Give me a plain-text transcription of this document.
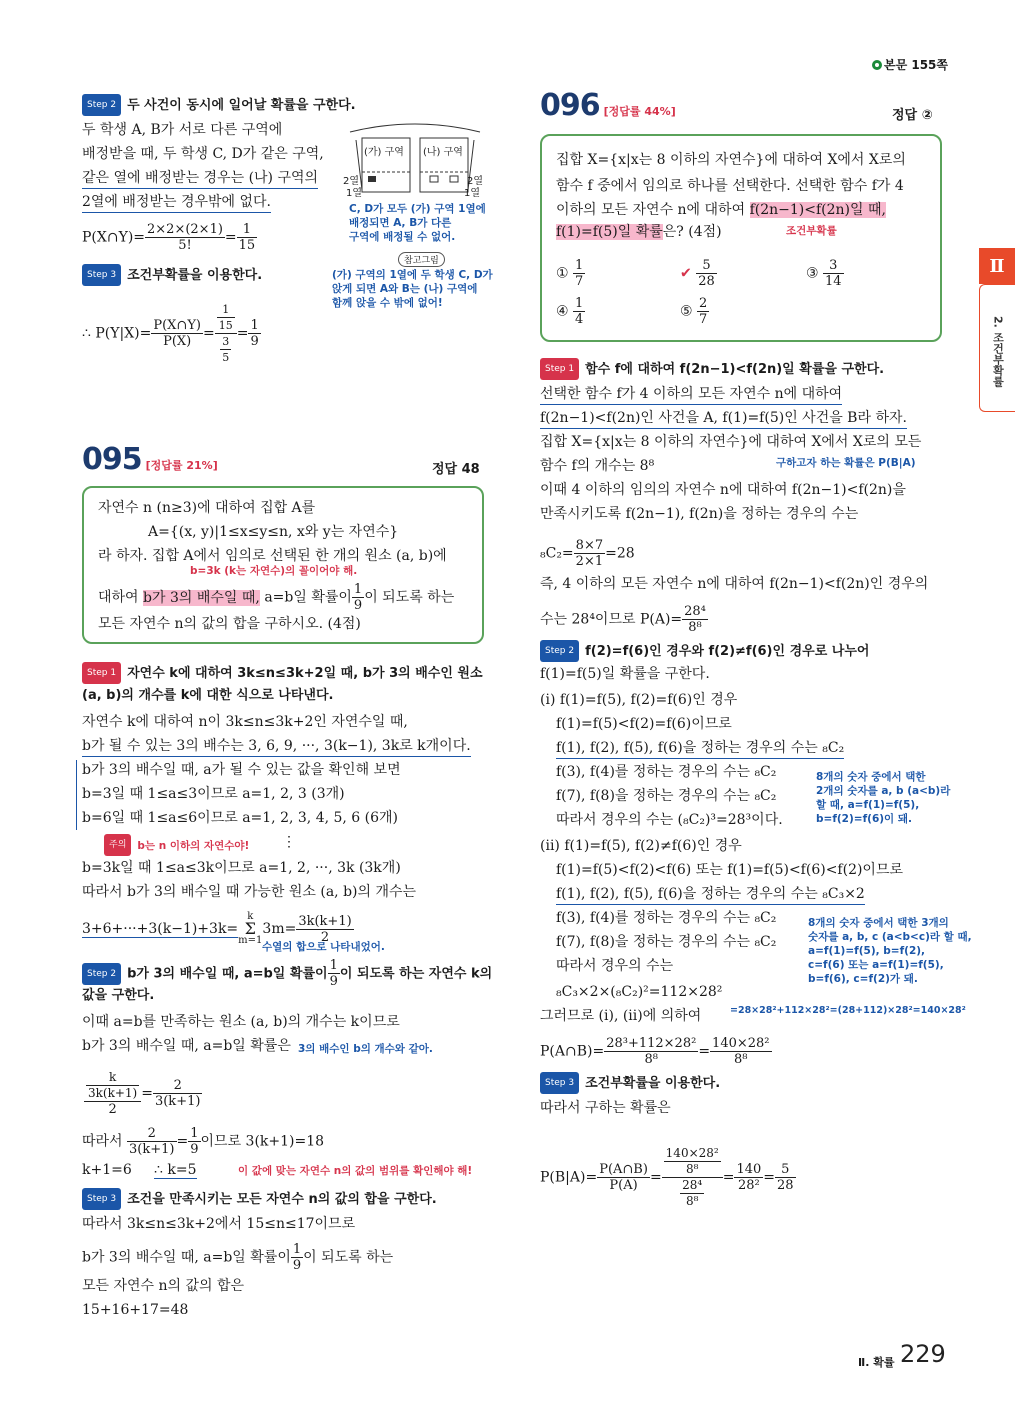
본문 155쪽
Ⅱ
2. 조건부확률
Step 2 두 사건이 동시에 일어날 확률을 구한다.
두 학생 A, B가 서로 다른 구역에
배정받을 때, 두 학생 C, D가 같은 구역,
같은 열에 배정받는 경우는 (나) 구역의
2열에 배정받는 경우밖에 없다.
P(X∩Y)= $\frac{2\times 2\times(2\times 1)}{5!} = \frac{1}{15}$
(가) 구역 (나) 구역
2열
1열
2열
1열
C, D가 모두 (가) 구역 1열에
배정되면 A, B가 다른
구역에 배정될 수 없어.
참고그림
(가) 구역의 1열에 두 학생 C, D가
앉게 되면 A와 B는 (나) 구역에
함께 앉을 수 밖에 없어!
Step 3 조건부확률을 이용한다.
∴ $P(Y|X)= \frac{P(X\cap Y)}{P(X)} = \frac{\frac{1}{15}}{\frac{3}{5}} = \frac{1}{9}$
095 [정답률 21%]	정답 48
자연수 n (n≥3)에 대하여 집합 A를
A={(x, y)|1≤x≤y≤n, x와 y는 자연수}
라 하자. 집합 A에서 임의로 선택된 한 개의 원소 (a, b)에
b=3k (k는 자연수)의 꼴이어야 해.
대하여 b가 3의 배수일 때, a=b일 확률이 $\frac{1}{9}$ 이 되도록 하는
모든 자연수 n의 값의 합을 구하시오. (4점)
Step 1 자연수 k에 대하여 3k≤n≤3k+2일 때, b가 3의 배수인 원소
(a, b)의 개수를 k에 대한 식으로 나타낸다.
자연수 k에 대하여 n이 3k≤n≤3k+2인 자연수일 때,
b가 될 수 있는 3의 배수는 3, 6, 9, ···, 3(k−1), 3k로 k개이다.
b가 3의 배수일 때, a가 될 수 있는 값을 확인해 보면
b=3일 때 1≤a≤3이므로 a=1, 2, 3 (3개)
b=6일 때 1≤a≤6이므로 a=1, 2, 3, 4, 5, 6 (6개)
주의 b는 n 이하의 자연수야! ⋮
b=3k일 때 1≤a≤3k이므로 a=1, 2, ···, 3k (3k개)
따라서 b가 3의 배수일 때 가능한 원소 (a, b)의 개수는
3+6+···+3(k−1)+3k=
k
Σ
m=1
$3m= \frac{3k(k+1)}{2}$
수열의 합으로 나타내었어.
Step 2 b가 3의 배수일 때, a=b일 확률이 $\frac{1}{9}$ 이 되도록 하는 자연수 k의
값을 구한다.
이때 a=b를 만족하는 원소 (a, b)의 개수는 k이므로
b가 3의 배수일 때, a=b일 확률은 3의 배수인 b의 개수와 같아.
$\frac{\frac{k}{3k(k+1)}}{2} = \frac{2}{3(k+1)}$
따라서 $\frac{2}{3(k+1)} = \frac{1}{9}$ 이므로 3(k+1)=18
k+1=6 ∴ k=5	이 값에 맞는 자연수 n의 값의 범위를 확인해야 해!
Step 3 조건을 만족시키는 모든 자연수 n의 값의 합을 구한다.
따라서 3k≤n≤3k+2에서 15≤n≤17이므로
b가 3의 배수일 때, a=b일 확률이 $\frac{1}{9}$ 이 되도록 하는
모든 자연수 n의 값의 합은
15+16+17=48
096 [정답률 44%]	정답 ②
집합 X={x|x는 8 이하의 자연수}에 대하여 X에서 X로의
함수 f 중에서 임의로 하나를 선택한다. 선택한 함수 f가 4
이하의 모든 자연수 n에 대하여 f(2n−1)<f(2n)일 때,
f(1)=f(5)일 확률은? (4점)	조건부확률
① $\frac{1}{7}$	✔ $\frac{5}{28}$	③ $\frac{3}{14}$
④ $\frac{1}{4}$	⑤ $\frac{2}{7}$
Step 1 함수 f에 대하여 f(2n−1)<f(2n)일 확률을 구한다.
선택한 함수 f가 4 이하의 모든 자연수 n에 대하여
f(2n−1)<f(2n)인 사건을 A, f(1)=f(5)인 사건을 B라 하자.
집합 X={x|x는 8 이하의 자연수}에 대하여 X에서 X로의 모든
함수 f의 개수는 8⁸	구하고자 하는 확률은 P(B|A)
이때 4 이하의 임의의 자연수 n에 대하여 f(2n−1)<f(2n)을
만족시키도록 f(2n−1), f(2n)을 정하는 경우의 수는
$_8C_2= \frac{8\times 7}{2\times 1} =28$
즉, 4 이하의 모든 자연수 n에 대하여 f(2n−1)<f(2n)인 경우의
수는 28⁴이므로 $P(A)= \frac{\text{28⁴}}{\text{8⁸}}$
Step 2 f(2)=f(6)인 경우와 f(2)≠f(6)인 경우로 나누어
f(1)=f(5)일 확률을 구한다.
(i) f(1)=f(5), f(2)=f(6)인 경우
f(1)=f(5)<f(2)=f(6)이므로
f(1), f(2), f(5), f(6)을 정하는 경우의 수는 ₈C₂
f(3), f(4)를 정하는 경우의 수는 ₈C₂
f(7), f(8)을 정하는 경우의 수는 ₈C₂
따라서 경우의 수는 (₈C₂)³=28³이다.
8개의 숫자 중에서 택한
2개의 숫자를 a, b (a<b)라
할 때, a=f(1)=f(5),
b=f(2)=f(6)이 돼.
(ii) f(1)=f(5), f(2)≠f(6)인 경우
f(1)=f(5)<f(2)<f(6) 또는 f(1)=f(5)<f(6)<f(2)이므로
f(1), f(2), f(5), f(6)을 정하는 경우의 수는 ₈C₃×2
f(3), f(4)를 정하는 경우의 수는 ₈C₂
f(7), f(8)을 정하는 경우의 수는 ₈C₂
따라서 경우의 수는
₈C₃×2×(₈C₂)²=112×28²
8개의 숫자 중에서 택한 3개의
숫자를 a, b, c (a<b<c)라 할 때,
a=f(1)=f(5), b=f(2),
c=f(6) 또는 a=f(1)=f(5),
b=f(6), c=f(2)가 돼.
그러므로 (i), (ii)에 의하여	=28×28²+112×28²=(28+112)×28²=140×28²
P(A∩B)= $\frac{\text{28³+112×28²}}{\text{8⁸}} = \frac{\text{140×28²}}{\text{8⁸}}$
Step 3 조건부확률을 이용한다.
따라서 구하는 확률은
$P(B|A)= \frac{P(A\cap B)}{P(A)} = \frac{\frac{\text{140×28²}}{\text{8⁸}}}{\frac{\text{28⁴}}{\text{8⁸}}} = \frac{140}{\text{28²}} = \frac{5}{28}$
Ⅱ. 확률 229
